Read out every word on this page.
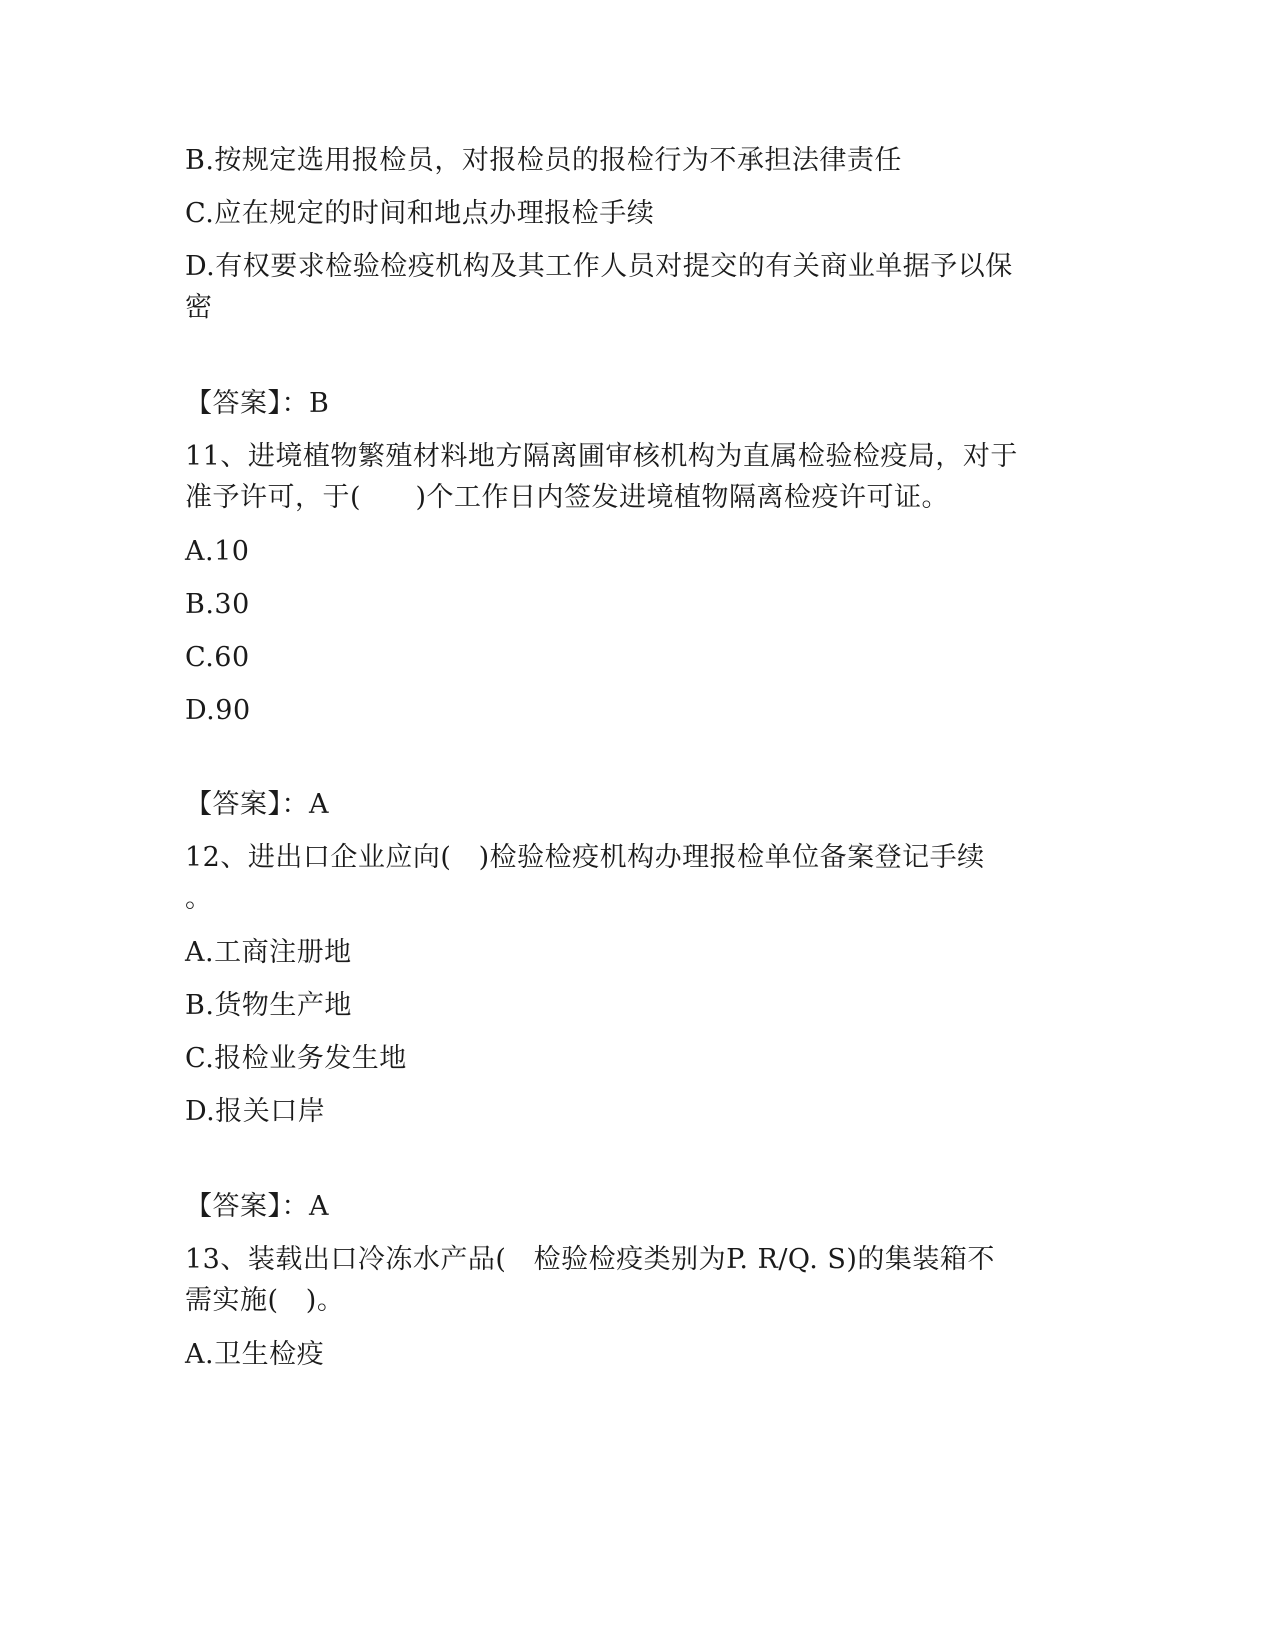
B.按规定选用报检员，对报检员的报检行为不承担法律责任
C.应在规定的时间和地点办理报检手续
D.有权要求检验检疫机构及其工作人员对提交的有关商业单据予以保
密
【答案】：B
11、进境植物繁殖材料地方隔离圃审核机构为直属检验检疫局，对于
准予许可，于(      )个工作日内签发进境植物隔离检疫许可证。
A.10
B.30
C.60
D.90
【答案】：A
12、进出口企业应向(   )检验检疫机构办理报检单位备案登记手续
。
A.工商注册地
B.货物生产地
C.报检业务发生地
D.报关口岸
【答案】：A
13、装载出口冷冻水产品(   检验检疫类别为P. R/Q. S)的集装箱不
需实施(   )。
A.卫生检疫
